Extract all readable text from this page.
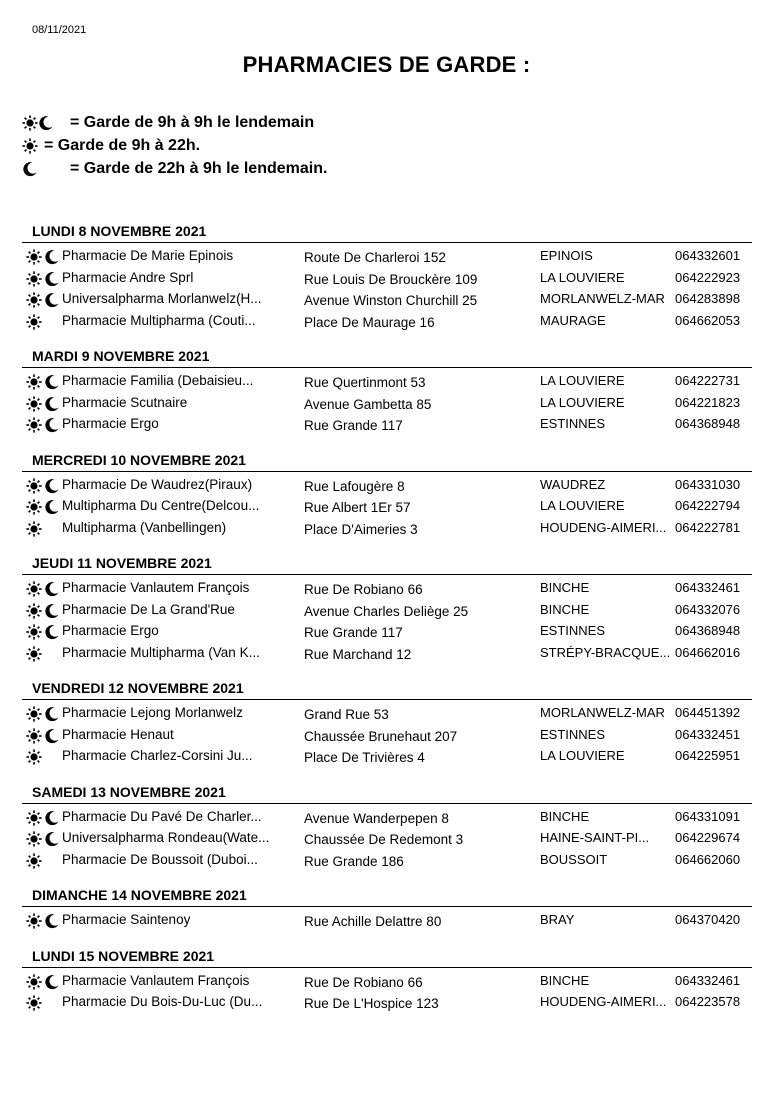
08/11/2021
PHARMACIES DE GARDE :
= Garde de 9h à 9h le lendemain
= Garde de 9h à 22h.
= Garde de 22h à 9h le lendemain.
LUNDI 8 NOVEMBRE 2021
Pharmacie De Marie Epinois	Route De Charleroi 152	EPINOIS	064332601
Pharmacie Andre Sprl	Rue Louis De Brouckère 109	LA LOUVIERE	064222923
Universalpharma Morlanwelz(H...	Avenue Winston Churchill 25	MORLANWELZ-MAR 064283898
Pharmacie Multipharma (Couti...	Place De Maurage 16	MAURAGE	064662053
MARDI 9 NOVEMBRE 2021
Pharmacie Familia (Debaisieu...	Rue Quertinmont 53	LA LOUVIERE	064222731
Pharmacie Scutnaire	Avenue Gambetta 85	LA LOUVIERE	064221823
Pharmacie Ergo	Rue Grande 117	ESTINNES	064368948
MERCREDI 10 NOVEMBRE 2021
Pharmacie De Waudrez(Piraux)	Rue Lafougère 8	WAUDREZ	064331030
Multipharma Du Centre(Delcou...	Rue Albert 1Er 57	LA LOUVIERE	064222794
Multipharma (Vanbellingen)	Place D'Aimeries 3	HOUDENG-AIMERI... 064222781
JEUDI 11 NOVEMBRE 2021
Pharmacie Vanlautem François	Rue De Robiano 66	BINCHE	064332461
Pharmacie De La Grand'Rue	Avenue Charles Deliège 25	BINCHE	064332076
Pharmacie Ergo	Rue Grande 117	ESTINNES	064368948
Pharmacie Multipharma (Van K...	Rue Marchand 12	STRÉPY-BRACQUE... 064662016
VENDREDI 12 NOVEMBRE 2021
Pharmacie Lejong Morlanwelz	Grand Rue 53	MORLANWELZ-MAR 064451392
Pharmacie Henaut	Chaussée Brunehaut 207	ESTINNES	064332451
Pharmacie Charlez-Corsini Ju...	Place De Trivières 4	LA LOUVIERE	064225951
SAMEDI 13 NOVEMBRE 2021
Pharmacie Du Pavé De Charler...	Avenue Wanderpepen 8	BINCHE	064331091
Universalpharma Rondeau(Wate...	Chaussée De Redemont 3	HAINE-SAINT-PI...	064229674
Pharmacie De Boussoit (Duboi...	Rue Grande 186	BOUSSOIT	064662060
DIMANCHE 14 NOVEMBRE 2021
Pharmacie Saintenoy	Rue Achille Delattre 80	BRAY	064370420
LUNDI 15 NOVEMBRE 2021
Pharmacie Vanlautem François	Rue De Robiano 66	BINCHE	064332461
Pharmacie Du Bois-Du-Luc (Du...	Rue De L'Hospice 123	HOUDENG-AIMERI... 064223578
